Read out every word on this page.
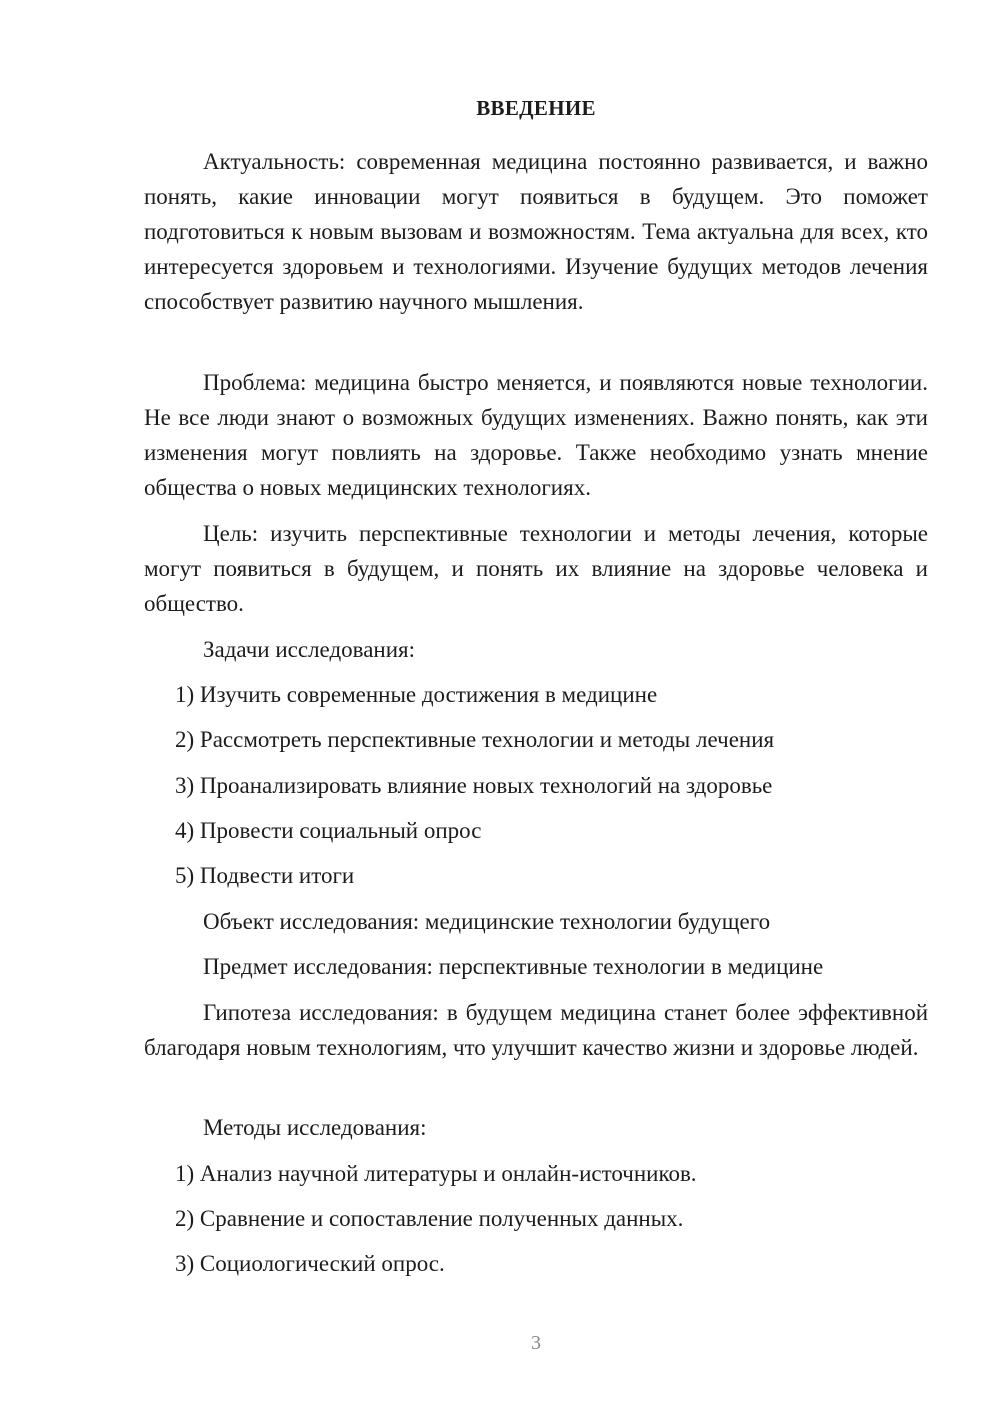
ВВЕДЕНИЕ

Актуальность: современная медицина постоянно развивается, и важно понять, какие инновации могут появиться в будущем. Это поможет подготовиться к новым вызовам и возможностям. Тема актуальна для всех, кто интересуется здоровьем и технологиями. Изучение будущих методов лечения способствует развитию научного мышления.

Проблема: медицина быстро меняется, и появляются новые технологии. Не все люди знают о возможных будущих изменениях. Важно понять, как эти изменения могут повлиять на здоровье. Также необходимо узнать мнение общества о новых медицинских технологиях.

Цель: изучить перспективные технологии и методы лечения, которые могут появиться в будущем, и понять их влияние на здоровье человека и общество.

Задачи исследования:

1) Изучить современные достижения в медицине

2) Рассмотреть перспективные технологии и методы лечения

3) Проанализировать влияние новых технологий на здоровье

4) Провести социальный опрос

5) Подвести итоги

Объект исследования: медицинские технологии будущего

Предмет исследования: перспективные технологии в медицине

Гипотеза исследования: в будущем медицина станет более эффективной благодаря новым технологиям, что улучшит качество жизни и здоровье людей.

Методы исследования:

1) Анализ научной литературы и онлайн-источников.

2) Сравнение и сопоставление полученных данных.

3) Социологический опрос.

3
